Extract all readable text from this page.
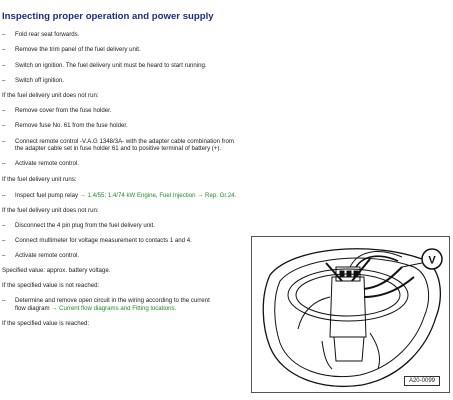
Inspecting proper operation and power supply
– Fold rear seat forwards.
– Remove the trim panel of the fuel delivery unit.
– Switch on ignition. The fuel delivery unit must be heard to start running.
– Switch off ignition.
If the fuel delivery unit does not run:
– Remove cover from the fuse holder.
– Remove fuse No. 61 from the fuse holder.
– Connect remote control -V.A.G 1348/3A- with the adapter cable combination from
the adapter cable set in fuse holder 61 and to positive terminal of battery (+).
– Activate remote control.
If the fuel delivery unit runs:
– Inspect fuel pump relay → 1.4/55; 1.4/74 kW Engine, Fuel Injection → Rep. Gr.24.
If the fuel delivery unit does not run:
– Disconnect the 4 pin plug from the fuel delivery unit.
– Connect multimeter for voltage measurement to contacts 1 and 4.
– Activate remote control.
Specified value: approx. battery voltage.
If the specified value is not reached:
– Determine and remove open circuit in the wiring according to the current
flow diagram → Current flow diagrams and Fitting locations.
If the specified value is reached:
V
A20-0099
